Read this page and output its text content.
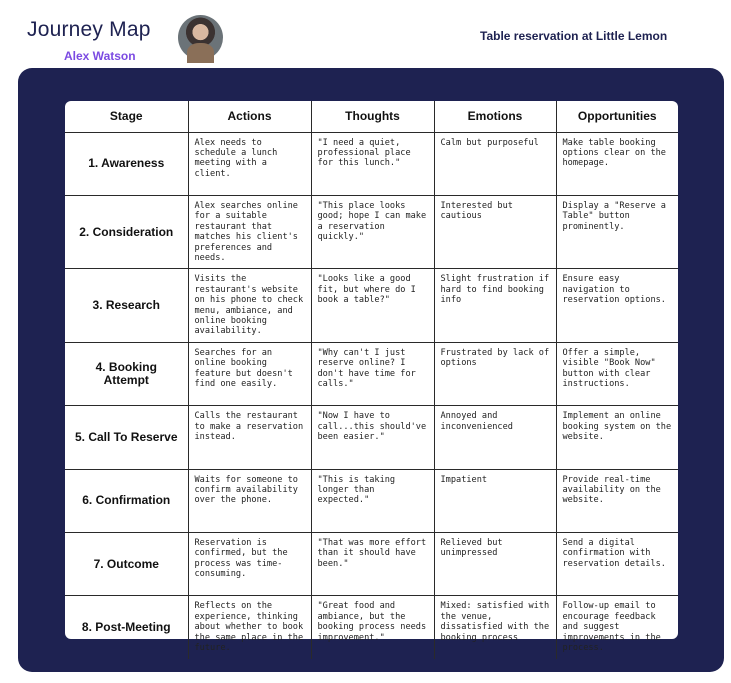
Journey Map
Alex Watson
Table reservation at Little Lemon
Stage	Actions	Thoughts	Emotions	Opportunities
1. Awareness	Alex needs to schedule a lunch meeting with a client.	"I need a quiet, professional place for this lunch."	Calm but purposeful	Make table booking options clear on the homepage.
2. Consideration	Alex searches online for a suitable restaurant that matches his client's preferences and needs.	"This place looks good; hope I can make a reservation quickly."	Interested but cautious	Display a "Reserve a Table" button prominently.
3. Research	Visits the restaurant's website on his phone to check menu, ambiance, and online booking availability.	"Looks like a good fit, but where do I book a table?"	Slight frustration if hard to find booking info	Ensure easy navigation to reservation options.
4. Booking Attempt	Searches for an online booking feature but doesn't find one easily.	"Why can't I just reserve online? I don't have time for calls."	Frustrated by lack of options	Offer a simple, visible "Book Now" button with clear instructions.
5. Call To Reserve	Calls the restaurant to make a reservation instead.	"Now I have to call...this should've been easier."	Annoyed and inconvenienced	Implement an online booking system on the website.
6. Confirmation	Waits for someone to confirm availability over the phone.	"This is taking longer than expected."	Impatient	Provide real-time availability on the website.
7. Outcome	Reservation is confirmed, but the process was time-consuming.	"That was more effort than it should have been."	Relieved but unimpressed	Send a digital confirmation with reservation details.
8. Post-Meeting	Reflects on the experience, thinking about whether to book the same place in the future.	"Great food and ambiance, but the booking process needs improvement."	Mixed: satisfied with the venue, dissatisfied with the booking process	Follow-up email to encourage feedback and suggest improvements in the process.
